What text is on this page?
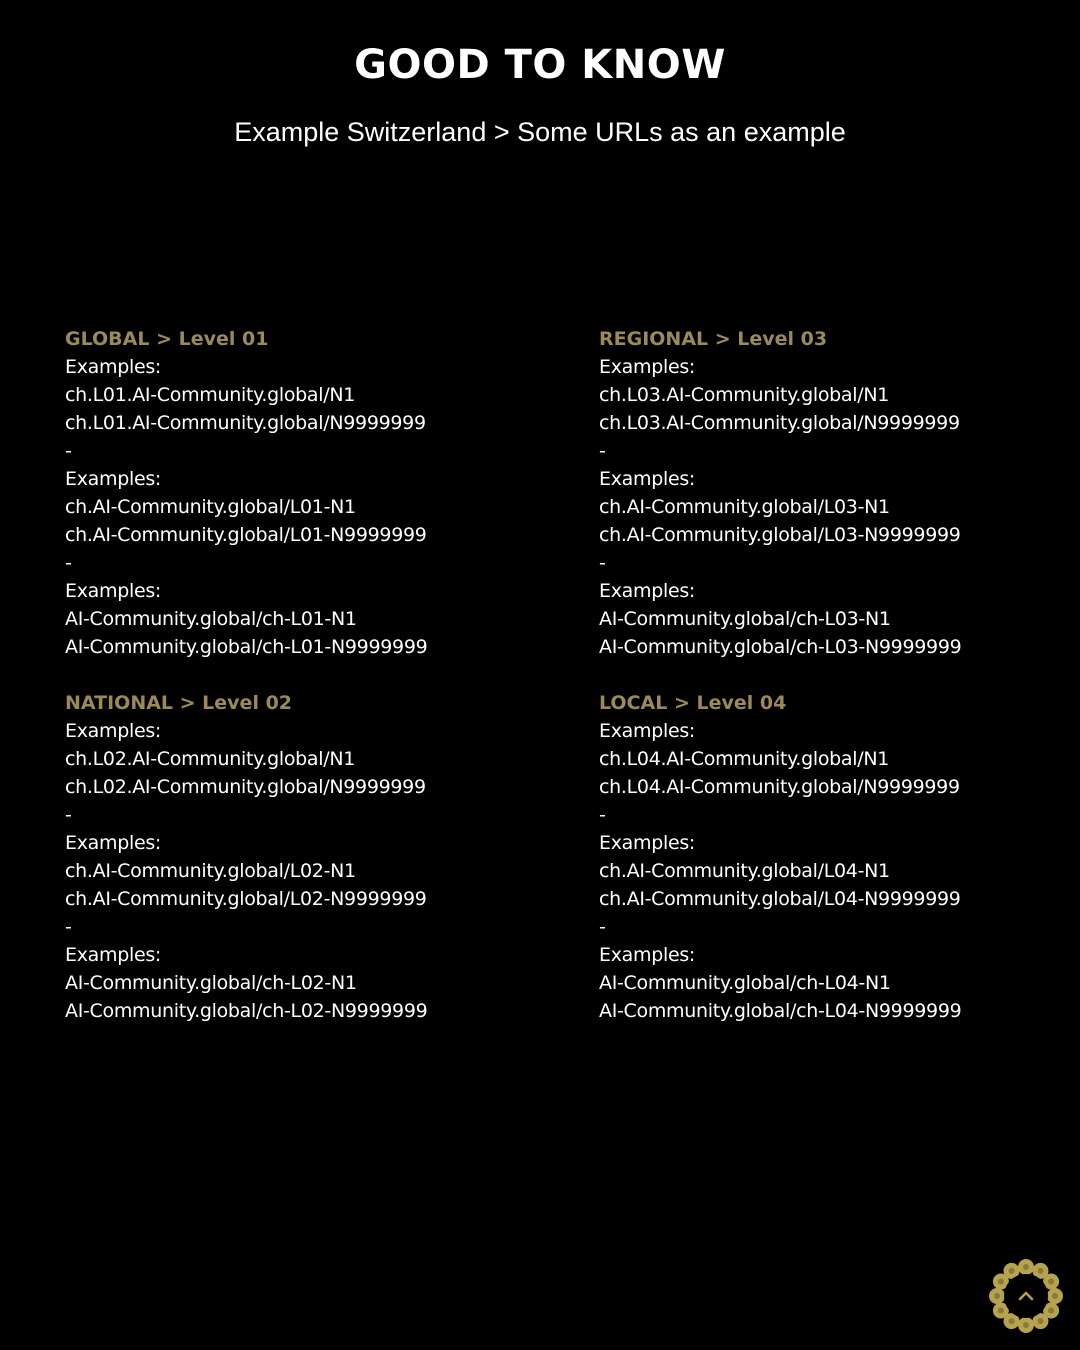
GOOD TO KNOW
Example Switzerland > Some URLs as an example
GLOBAL > Level 01
Examples:
ch.L01.AI-Community.global/N1
ch.L01.AI-Community.global/N9999999
-
Examples:
ch.AI-Community.global/L01-N1
ch.AI-Community.global/L01-N9999999
-
Examples:
AI-Community.global/ch-L01-N1
AI-Community.global/ch-L01-N9999999
NATIONAL > Level 02
Examples:
ch.L02.AI-Community.global/N1
ch.L02.AI-Community.global/N9999999
-
Examples:
ch.AI-Community.global/L02-N1
ch.AI-Community.global/L02-N9999999
-
Examples:
AI-Community.global/ch-L02-N1
AI-Community.global/ch-L02-N9999999
REGIONAL > Level 03
Examples:
ch.L03.AI-Community.global/N1
ch.L03.AI-Community.global/N9999999
-
Examples:
ch.AI-Community.global/L03-N1
ch.AI-Community.global/L03-N9999999
-
Examples:
AI-Community.global/ch-L03-N1
AI-Community.global/ch-L03-N9999999
LOCAL > Level 04
Examples:
ch.L04.AI-Community.global/N1
ch.L04.AI-Community.global/N9999999
-
Examples:
ch.AI-Community.global/L04-N1
ch.AI-Community.global/L04-N9999999
-
Examples:
AI-Community.global/ch-L04-N1
AI-Community.global/ch-L04-N9999999
